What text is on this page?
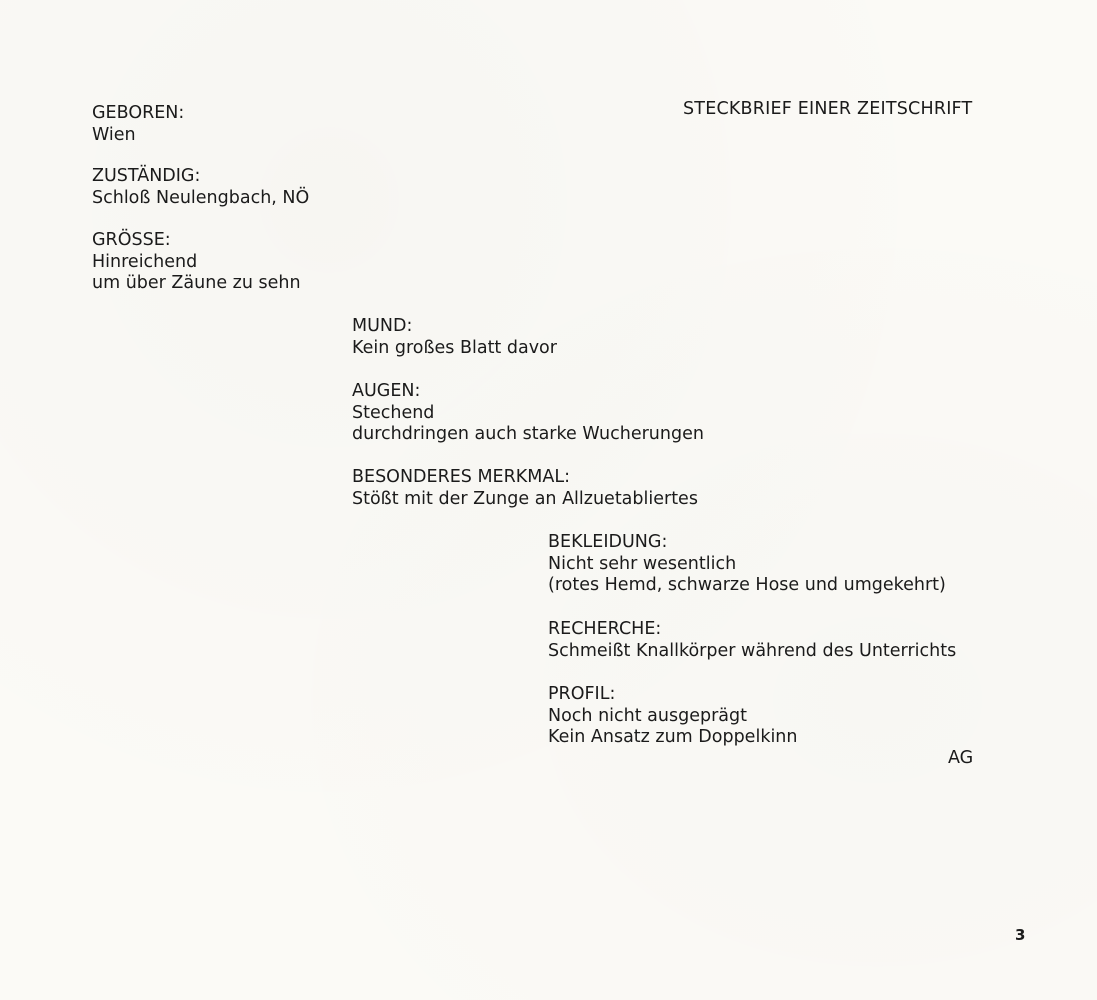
STECKBRIEF EINER ZEITSCHRIFT
GEBOREN:
Wien
ZUSTÄNDIG:
Schloß Neulengbach, NÖ
GRÖSSE:
Hinreichend
um über Zäune zu sehn
MUND:
Kein großes Blatt davor
AUGEN:
Stechend
durchdringen auch starke Wucherungen
BESONDERES MERKMAL:
Stößt mit der Zunge an Allzuetabliertes
BEKLEIDUNG:
Nicht sehr wesentlich
(rotes Hemd, schwarze Hose und umgekehrt)
RECHERCHE:
Schmeißt Knallkörper während des Unterrichts
PROFIL:
Noch nicht ausgeprägt
Kein Ansatz zum Doppelkinn
AG
3
